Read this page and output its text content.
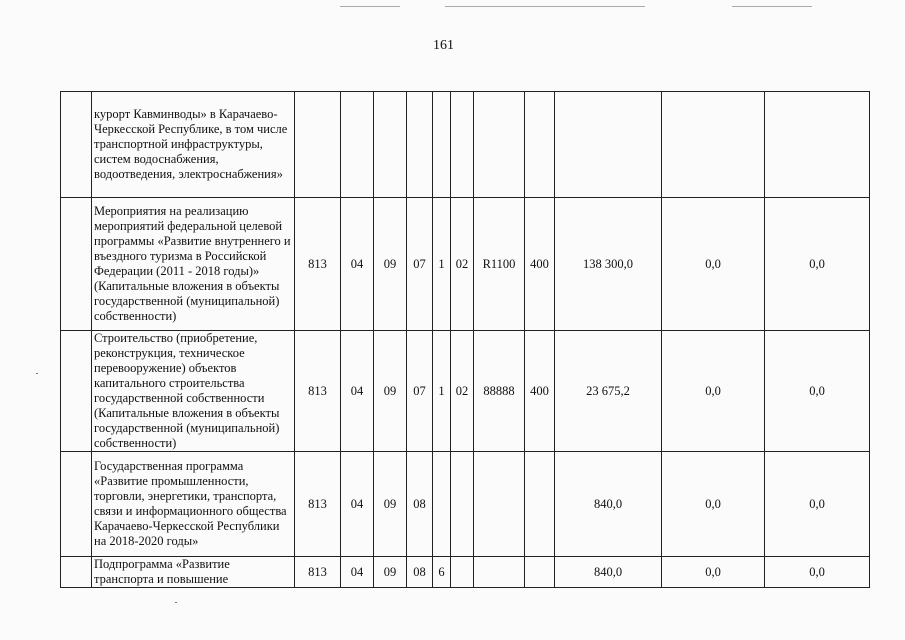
161
	курорт Кавминводы» в Карачаево-Черкесской Республике, в том числе транспортной инфраструктуры, систем водоснабжения, водоотведения, электроснабжения»											
	Мероприятия на реализацию мероприятий федеральной целевой программы «Развитие внутреннего и въездного туризма в Российской Федерации (2011 - 2018 годы)» (Капитальные вложения в объекты государственной (муниципальной) собственности)	813	04	09	07	1	02	R1100	400	138 300,0	0,0	0,0
	Строительство (приобретение, реконструкция, техническое перевооружение) объектов капитального строительства государственной собственности (Капитальные вложения в объекты государственной (муниципальной) собственности)	813	04	09	07	1	02	88888	400	23 675,2	0,0	0,0
	Государственная программа «Развитие промышленности, торговли, энергетики, транспорта, связи и информационного общества Карачаево-Черкесской Республики на 2018-2020 годы»	813	04	09	08					840,0	0,0	0,0
	Подпрограмма «Развитие транспорта и повышение	813	04	09	08	6				840,0	0,0	0,0
